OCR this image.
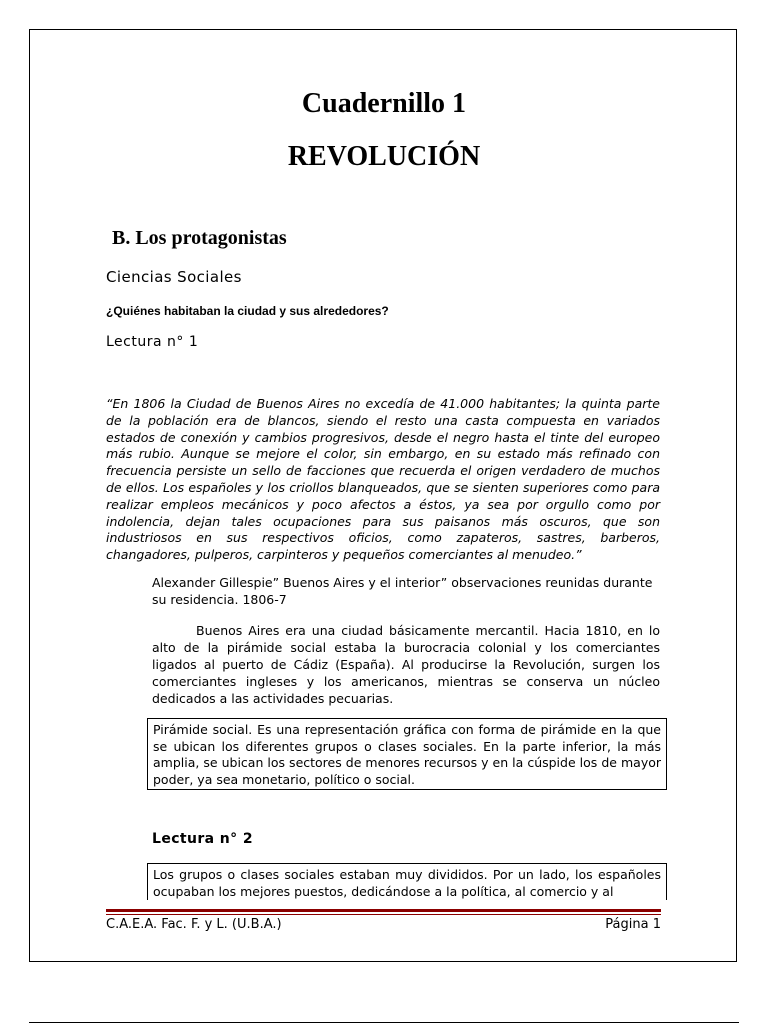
Cuadernillo 1
REVOLUCIÓN
B. Los protagonistas
Ciencias Sociales
¿Quiénes habitaban la ciudad y sus alrededores?
Lectura n° 1

“En 1806 la Ciudad de Buenos Aires no excedía de 41.000 habitantes; la quinta parte de la población era de blancos, siendo el resto una casta compuesta en variados estados de conexión y cambios progresivos, desde el negro hasta el tinte del europeo más rubio. Aunque se mejore el color, sin embargo, en su estado más refinado con frecuencia persiste un sello de facciones que recuerda el origen verdadero de muchos de ellos. Los españoles y los criollos blanqueados, que se sienten superiores como para realizar empleos mecánicos y poco afectos a éstos, ya sea por orgullo como por indolencia, dejan tales ocupaciones para sus paisanos más oscuros, que son industriosos en sus respectivos oficios, como zapateros, sastres, barberos, changadores, pulperos, carpinteros y pequeños comerciantes al menudeo.”

Alexander Gillespie” Buenos Aires y el interior” observaciones reunidas durante su residencia. 1806-7

Buenos Aires era una ciudad básicamente mercantil. Hacia 1810, en lo alto de la pirámide social estaba la burocracia colonial y los comerciantes ligados al puerto de Cádiz (España). Al producirse la Revolución, surgen los comerciantes ingleses y los americanos, mientras se conserva un núcleo dedicados a las actividades pecuarias.

Pirámide social. Es una representación gráfica con forma de pirámide en la que se ubican los diferentes grupos o clases sociales. En la parte inferior, la más amplia, se ubican los sectores de menores recursos y en la cúspide los de mayor poder, ya sea monetario, político o social.
Lectura n° 2
Los grupos o clases sociales estaban muy divididos. Por un lado, los españoles ocupaban los mejores puestos, dedicándose a la política, al comercio y al
C.A.E.A. Fac. F. y L. (U.B.A.)	Página 1
